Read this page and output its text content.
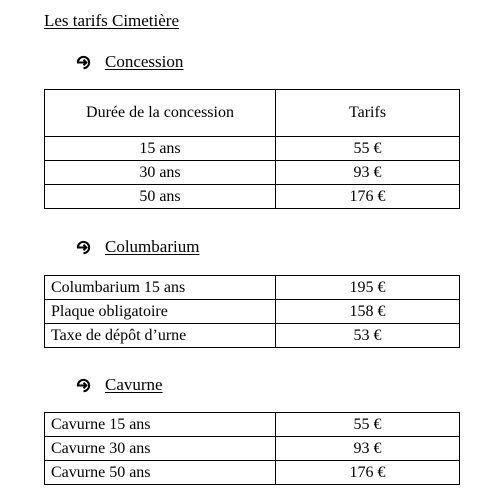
Les tarifs Cimetière
Concession
Durée de la concession	Tarifs
15 ans	55 €
30 ans	93 €
50 ans	176 €
Columbarium
Columbarium 15 ans	195 €
Plaque obligatoire	158 €
Taxe de dépôt d’urne	53 €
Cavurne
Cavurne 15 ans	55 €
Cavurne 30 ans	93 €
Cavurne 50 ans	176 €
